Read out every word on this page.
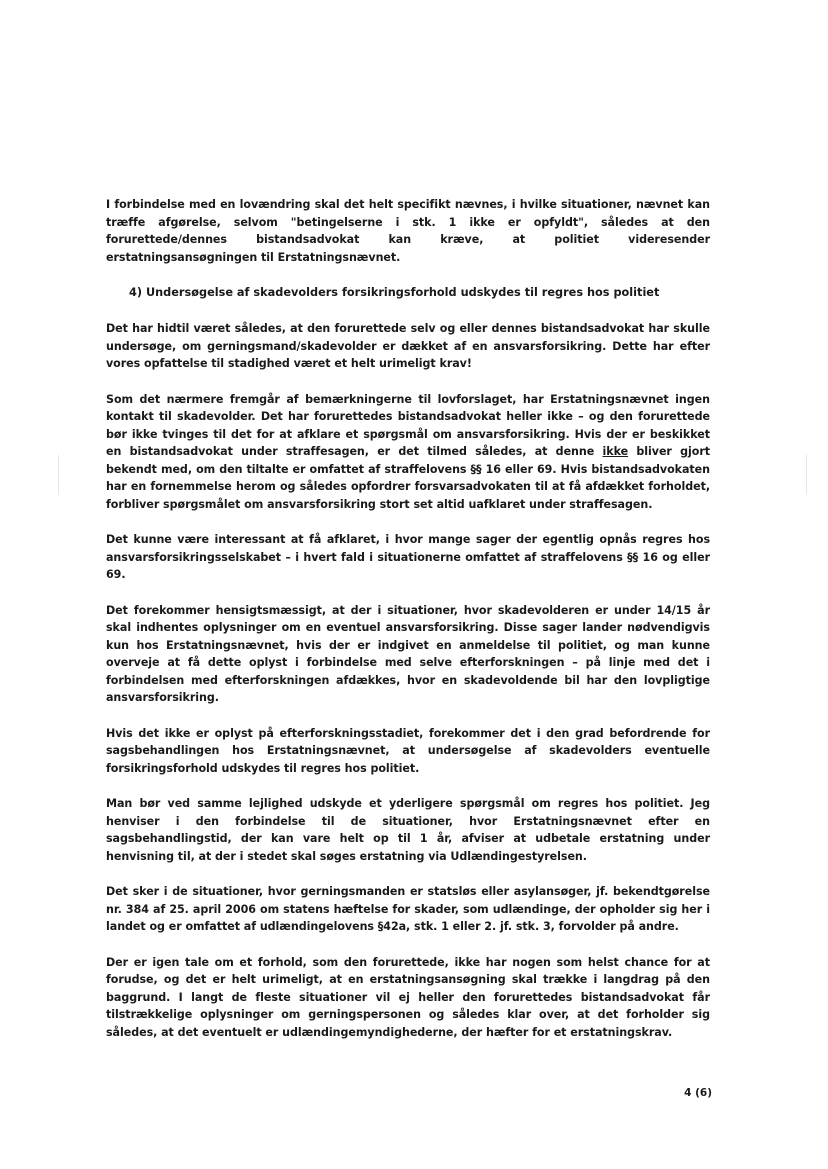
I forbindelse med en lovændring skal det helt specifikt nævnes, i hvilke situationer, nævnet kan træffe afgørelse, selvom "betingelserne i stk. 1 ikke er opfyldt", således at den forurettede/dennes bistandsadvokat kan kræve, at politiet videresender erstatningsansøgningen til Erstatningsnævnet.

4) Undersøgelse af skadevolders forsikringsforhold udskydes til regres hos politiet

Det har hidtil været således, at den forurettede selv og eller dennes bistandsadvokat har skulle undersøge, om gerningsmand/skadevolder er dækket af en ansvarsforsikring. Dette har efter vores opfattelse til stadighed været et helt urimeligt krav!

Som det nærmere fremgår af bemærkningerne til lovforslaget, har Erstatningsnævnet ingen kontakt til skadevolder. Det har forurettedes bistandsadvokat heller ikke – og den forurettede bør ikke tvinges til det for at afklare et spørgsmål om ansvarsforsikring. Hvis der er beskikket en bistandsadvokat under straffesagen, er det tilmed således, at denne ikke bliver gjort bekendt med, om den tiltalte er omfattet af straffelovens §§ 16 eller 69. Hvis bistandsadvokaten har en fornemmelse herom og således opfordrer forsvarsadvokaten til at få afdækket forholdet, forbliver spørgsmålet om ansvarsforsikring stort set altid uafklaret under straffesagen.

Det kunne være interessant at få afklaret, i hvor mange sager der egentlig opnås regres hos ansvarsforsikringsselskabet – i hvert fald i situationerne omfattet af straffelovens §§ 16 og eller 69.

Det forekommer hensigtsmæssigt, at der i situationer, hvor skadevolderen er under 14/15 år skal indhentes oplysninger om en eventuel ansvarsforsikring. Disse sager lander nødvendigvis kun hos Erstatningsnævnet, hvis der er indgivet en anmeldelse til politiet, og man kunne overveje at få dette oplyst i forbindelse med selve efterforskningen – på linje med det i forbindelsen med efterforskningen afdækkes, hvor en skadevoldende bil har den lovpligtige ansvarsforsikring.

Hvis det ikke er oplyst på efterforskningsstadiet, forekommer det i den grad befordrende for sagsbehandlingen hos Erstatningsnævnet, at undersøgelse af skadevolders eventuelle forsikringsforhold udskydes til regres hos politiet.

Man bør ved samme lejlighed udskyde et yderligere spørgsmål om regres hos politiet. Jeg henviser i den forbindelse til de situationer, hvor Erstatningsnævnet efter en sagsbehandlingstid, der kan vare helt op til 1 år, afviser at udbetale erstatning under henvisning til, at der i stedet skal søges erstatning via Udlændingestyrelsen.

Det sker i de situationer, hvor gerningsmanden er statsløs eller asylansøger, jf. bekendtgørelse nr. 384 af 25. april 2006 om statens hæftelse for skader, som udlændinge, der opholder sig her i landet og er omfattet af udlændingelovens §42a, stk. 1 eller 2. jf. stk. 3, forvolder på andre.

Der er igen tale om et forhold, som den forurettede, ikke har nogen som helst chance for at forudse, og det er helt urimeligt, at en erstatningsansøgning skal trække i langdrag på den baggrund. I langt de fleste situationer vil ej heller den forurettedes bistandsadvokat får tilstrækkelige oplysninger om gerningspersonen og således klar over, at det forholder sig således, at det eventuelt er udlændingemyndighederne, der hæfter for et erstatningskrav.

4 (6)
